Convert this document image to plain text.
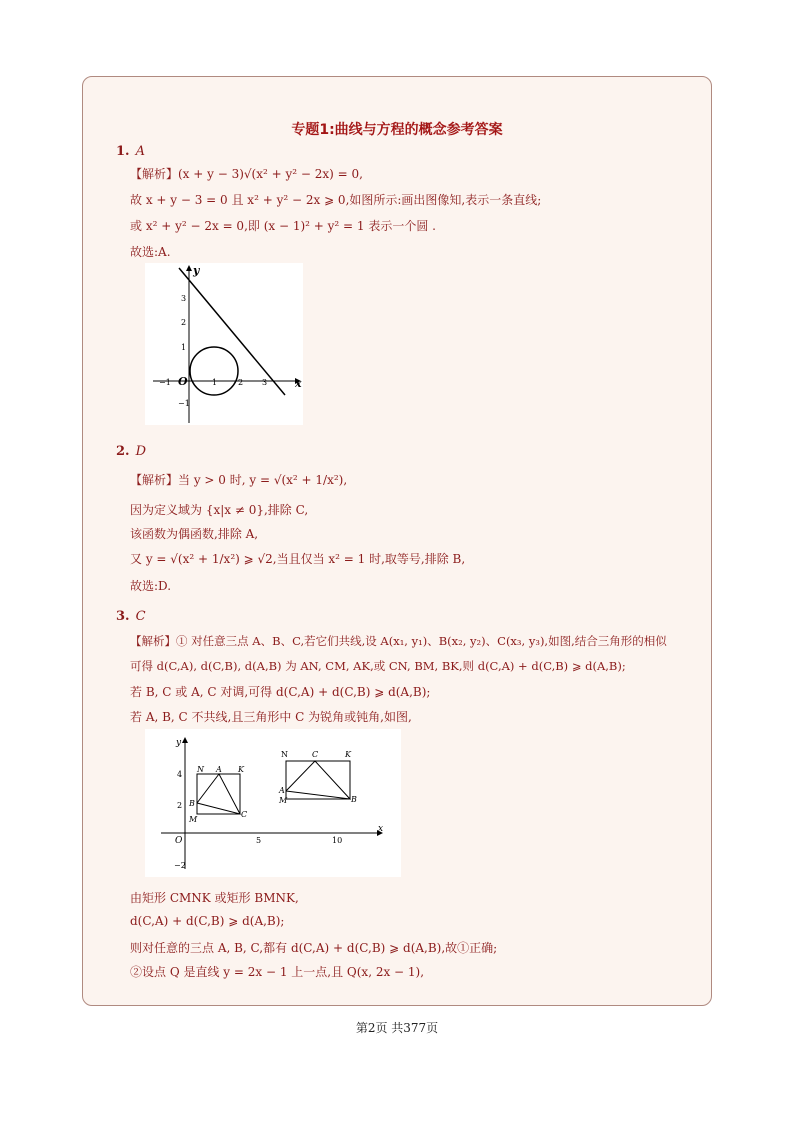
专题1:曲线与方程的概念参考答案
1. A
【解析】(x + y − 3)√(x² + y² − 2x) = 0,
故 x + y − 3 = 0 且 x² + y² − 2x ⩾ 0,如图所示:画出图像知,表示一条直线;
或 x² + y² − 2x = 0,即 (x − 1)² + y² = 1 表示一个圆 .
故选:A.
x
y
O
−1	1	2 3
3
2
1
−1
2. D
【解析】当 y > 0 时, y = √(x² + 1/x²),
因为定义域为 {x|x ≠ 0},排除 C,
该函数为偶函数,排除 A,
又 y = √(x² + 1/x²) ⩾ √2,当且仅当 x² = 1 时,取等号,排除 B,
故选:D.
3. C
【解析】① 对任意三点 A、B、C,若它们共线,设 A(x₁, y₁)、B(x₂, y₂)、C(x₃, y₃),如图,结合三角形的相似
可得 d(C,A), d(C,B), d(A,B) 为 AN, CM, AK,或 CN, BM, BK,则 d(C,A) + d(C,B) ⩾ d(A,B);
若 B, C 或 A, C 对调,可得 d(C,A) + d(C,B) ⩾ d(A,B);
若 A, B, C 不共线,且三角形中 C 为锐角或钝角,如图,
x
y
O	5	10
4
2
−2
N A K
B
M
C
N	C	K
A
M	B
由矩形 CMNK 或矩形 BMNK,
d(C,A) + d(C,B) ⩾ d(A,B);
则对任意的三点 A, B, C,都有 d(C,A) + d(C,B) ⩾ d(A,B),故①正确;
②设点 Q 是直线 y = 2x − 1 上一点,且 Q(x, 2x − 1),
第2页 共377页
